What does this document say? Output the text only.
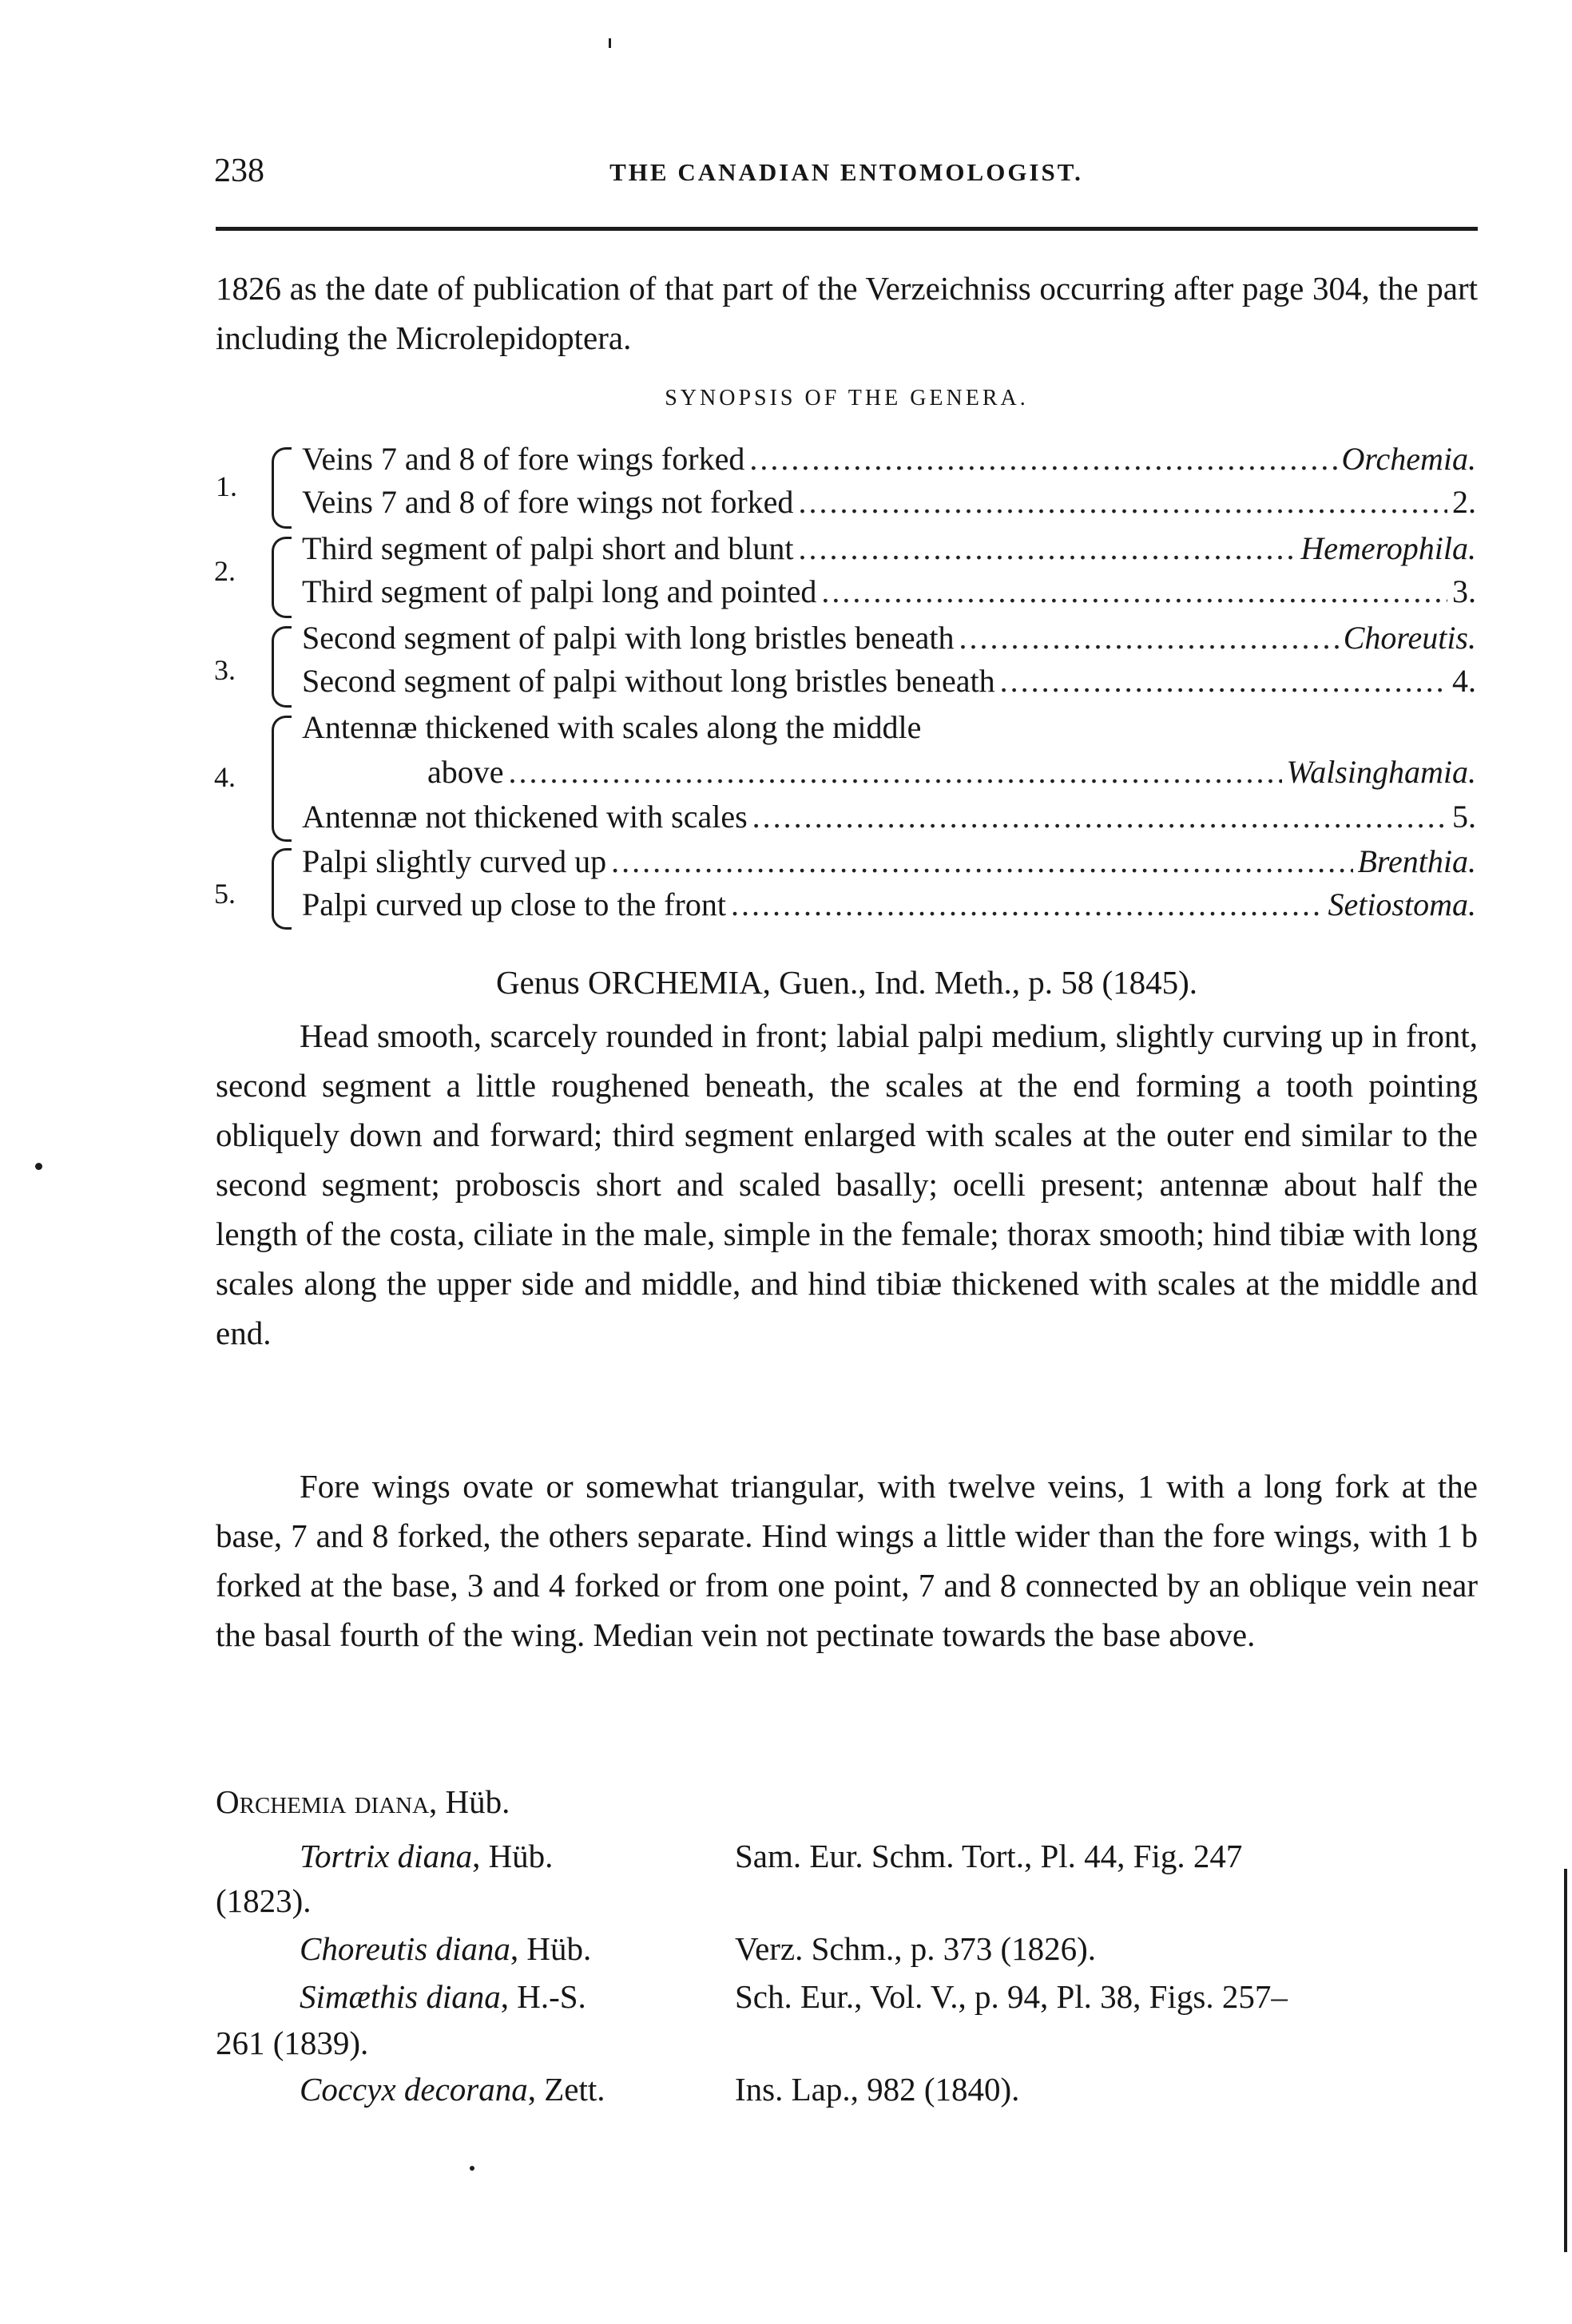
238	THE CANADIAN ENTOMOLOGIST.
1826 as the date of publication of that part of the Verzeichniss occurring after page 304, the part including the Microlepidoptera.
SYNOPSIS OF THE GENERA.
1.
Veins 7 and 8 of fore wings forked .....	Orchemia.
Veins 7 and 8 of fore wings not forked .....	2.
2.
Third segment of palpi short and blunt .....	Hemerophila.
Third segment of palpi long and pointed .....	3.
3.
Second segment of palpi with long bristles beneath .....	Choreutis.
Second segment of palpi without long bristles beneath .....	4.
4.
Antennæ thickened with scales along the middle
above .....	Walsinghamia.
Antennæ not thickened with scales .....	5.
5.
Palpi slightly curved up .....	Brenthia.
Palpi curved up close to the front .....	Setiostoma.
Genus ORCHEMIA, Guen., Ind. Meth., p. 58 (1845).
Head smooth, scarcely rounded in front; labial palpi medium, slightly curving up in front, second segment a little roughened beneath, the scales at the end forming a tooth pointing obliquely down and forward; third segment enlarged with scales at the outer end similar to the second segment; proboscis short and scaled basally; ocelli present; antennæ about half the length of the costa, ciliate in the male, simple in the female; thorax smooth; hind tibiæ with long scales along the upper side and middle, and hind tibiæ thickened with scales at the middle and end.
Fore wings ovate or somewhat triangular, with twelve veins, 1 with a long fork at the base, 7 and 8 forked, the others separate. Hind wings a little wider than the fore wings, with 1 b forked at the base, 3 and 4 forked or from one point, 7 and 8 connected by an oblique vein near the basal fourth of the wing. Median vein not pectinate towards the base above.
Orchemia diana, Hüb.
Tortrix diana, Hüb.	Sam. Eur. Schm. Tort., Pl. 44, Fig. 247
(1823).
Choreutis diana, Hüb.	Verz. Schm., p. 373 (1826).
Simæthis diana, H.-S.	Sch. Eur., Vol. V., p. 94, Pl. 38, Figs. 257–
261 (1839).
Coccyx decorana, Zett.	Ins. Lap., 982 (1840).
